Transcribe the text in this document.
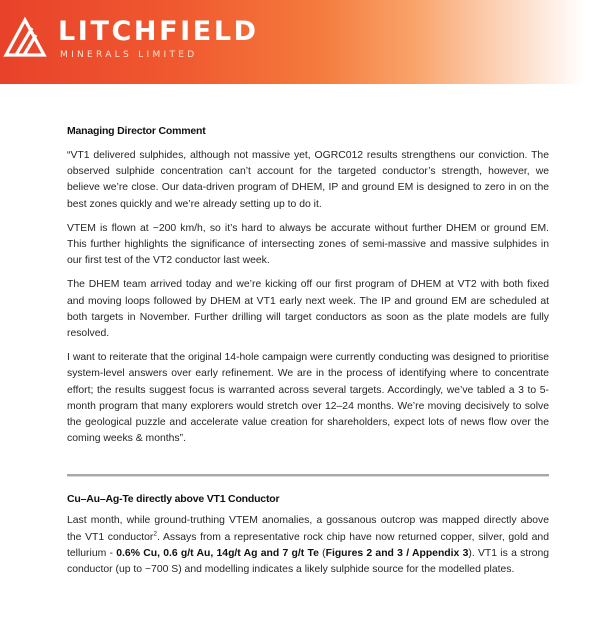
LITCHFIELD
MINERALS LIMITED
Managing Director Comment

“VT1 delivered sulphides, although not massive yet, OGRC012 results strengthens our conviction. The observed sulphide concentration can’t account for the targeted conductor’s strength, however, we believe we’re close. Our data-driven program of DHEM, IP and ground EM is designed to zero in on the best zones quickly and we’re already setting up to do it.

VTEM is flown at ~200 km/h, so it’s hard to always be accurate without further DHEM or ground EM. This further highlights the significance of intersecting zones of semi-massive and massive sulphides in our first test of the VT2 conductor last week.

The DHEM team arrived today and we’re kicking off our first program of DHEM at VT2 with both fixed and moving loops followed by DHEM at VT1 early next week. The IP and ground EM are scheduled at both targets in November. Further drilling will target conductors as soon as the plate models are fully resolved.

I want to reiterate that the original 14-hole campaign were currently conducting was designed to prioritise system-level answers over early refinement. We are in the process of identifying where to concentrate effort; the results suggest focus is warranted across several targets. Accordingly, we’ve tabled a 3 to 5-month program that many explorers would stretch over 12–24 months. We’re moving decisively to solve the geological puzzle and accelerate value creation for shareholders, expect lots of news flow over the coming weeks & months”.

Cu–Au–Ag-Te directly above VT1 Conductor

Last month, while ground-truthing VTEM anomalies, a gossanous outcrop was mapped directly above the VT1 conductor$^2$. Assays from a representative rock chip have now returned copper, silver, gold and tellurium - 0.6% Cu, 0.6 g/t Au, 14g/t Ag and 7 g/t Te (Figures 2 and 3 / Appendix 3). VT1 is a strong conductor (up to ~700 S) and modelling indicates a likely sulphide source for the modelled plates.
